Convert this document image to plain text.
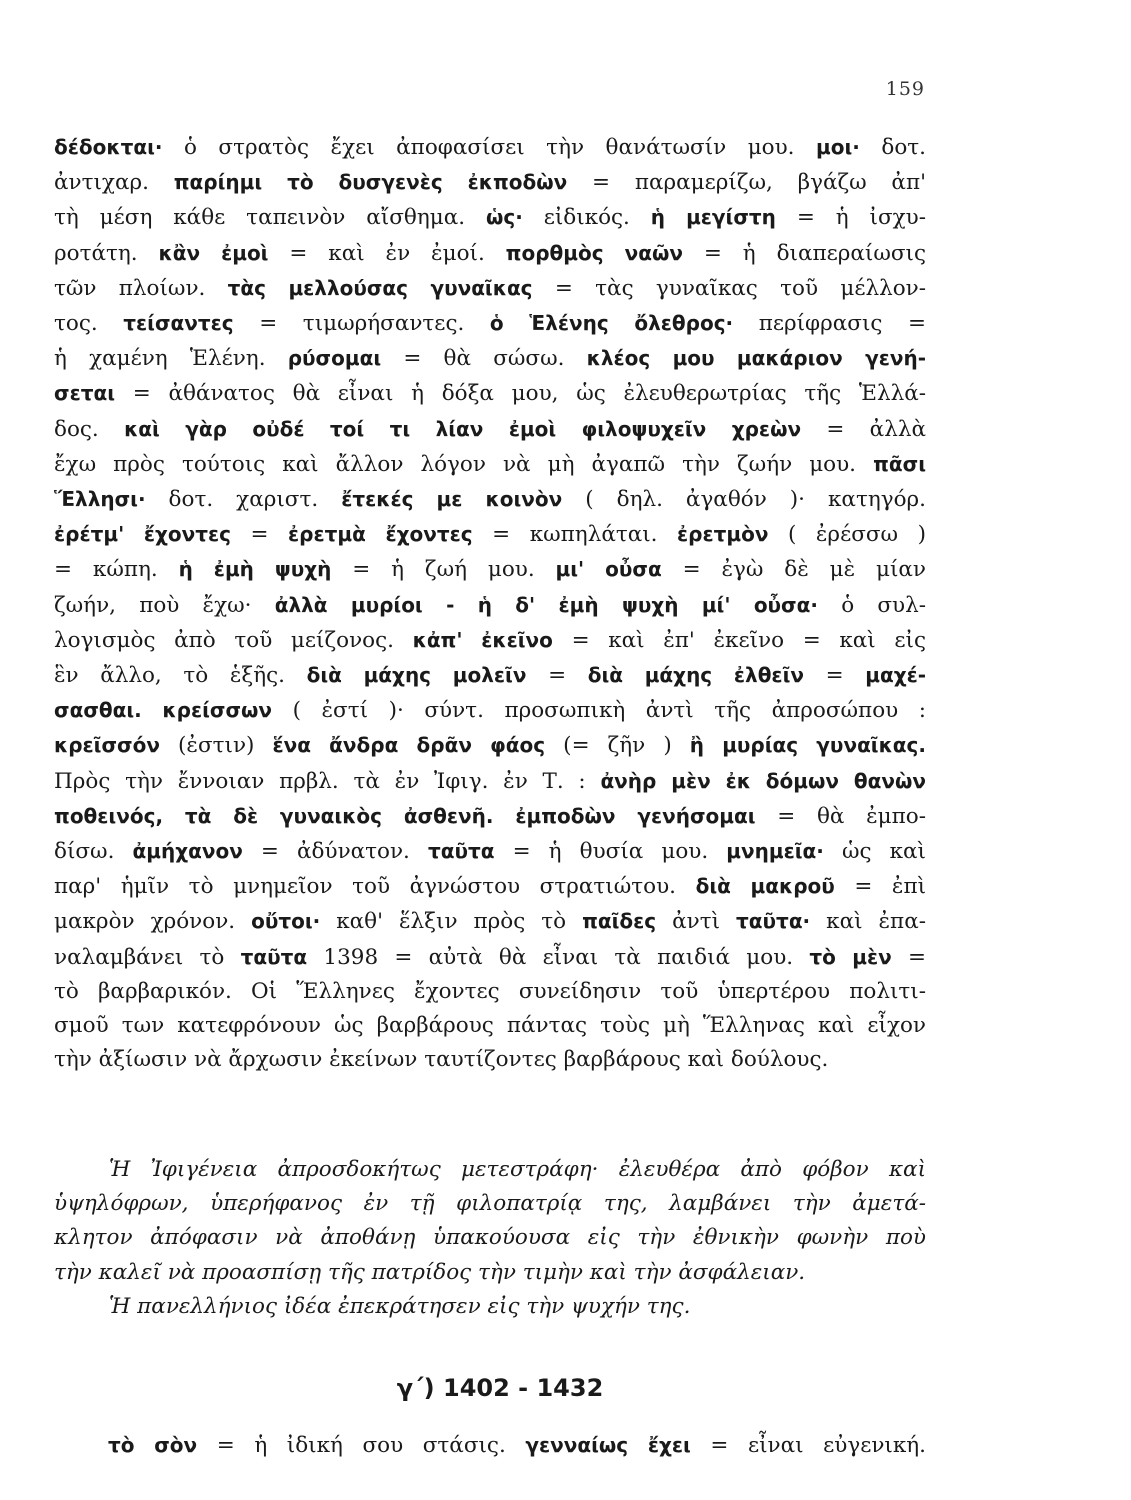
159
δέδοκται· ὁ στρατὸς ἔχει ἀποφασίσει τὴν θανάτωσίν μου. μοι· δοτ.
ἀντιχαρ. παρίημι τὸ δυσγενὲς ἐκποδὼν = παραμερίζω, βγάζω ἀπ'
τὴ μέση κάθε ταπεινὸν αἴσθημα. ὡς· εἰδικός. ἡ μεγίστη = ἡ ἰσχυ-
ροτάτη. κἂν ἐμοὶ = καὶ ἐν ἐμοί. πορθμὸς ναῶν = ἡ διαπεραίωσις
τῶν πλοίων. τὰς μελλούσας γυναῖκας = τὰς γυναῖκας τοῦ μέλλον-
τος. τείσαντες = τιμωρήσαντες. ὁ Ἑλένης ὄλεθρος· περίφρασις =
ἡ χαμένη Ἑλένη. ρύσομαι = θὰ σώσω. κλέος μου μακάριον γενή-
σεται = ἀθάνατος θὰ εἶναι ἡ δόξα μου, ὡς ἐλευθερωτρίας τῆς Ἑλλά-
δος. καὶ γὰρ οὐδέ τοί τι λίαν ἐμοὶ φιλοψυχεῖν χρεὼν = ἀλλὰ
ἔχω πρὸς τούτοις καὶ ἄλλον λόγον νὰ μὴ ἀγαπῶ τὴν ζωήν μου. πᾶσι
Ἕλλησι· δοτ. χαριστ. ἔτεκές με κοινὸν ( δηλ. ἀγαθόν )· κατηγόρ.
ἐρέτμ' ἔχοντες = ἐρετμὰ ἔχοντες = κωπηλάται. ἐρετμὸν ( ἐρέσσω )
= κώπη. ἡ ἐμὴ ψυχὴ = ἡ ζωή μου. μι' οὖσα = ἐγὼ δὲ μὲ μίαν
ζωήν, ποὺ ἔχω· ἀλλὰ μυρίοι - ἡ δ' ἐμὴ ψυχὴ μί' οὖσα· ὁ συλ-
λογισμὸς ἀπὸ τοῦ μείζονος. κἀπ' ἐκεῖνο = καὶ ἐπ' ἐκεῖνο = καὶ εἰς
ἓν ἄλλο, τὸ ἑξῆς. διὰ μάχης μολεῖν = διὰ μάχης ἐλθεῖν = μαχέ-
σασθαι. κρείσσων ( ἐστί )· σύντ. προσωπικὴ ἀντὶ τῆς ἀπροσώπου :
κρεῖσσόν (ἐστιν) ἕνα ἄνδρα δρᾶν φάος (= ζῆν ) ἢ μυρίας γυναῖκας.
Πρὸς τὴν ἔννοιαν πρβλ. τὰ ἐν Ἰφιγ. ἐν Τ. : ἀνὴρ μὲν ἐκ δόμων θανὼν
ποθεινός, τὰ δὲ γυναικὸς ἀσθενῆ. ἐμποδὼν γενήσομαι = θὰ ἐμπο-
δίσω. ἀμήχανον = ἀδύνατον. ταῦτα = ἡ θυσία μου. μνημεῖα· ὡς καὶ
παρ' ἡμῖν τὸ μνημεῖον τοῦ ἀγνώστου στρατιώτου. διὰ μακροῦ = ἐπὶ
μακρὸν χρόνον. οὔτοι· καθ' ἕλξιν πρὸς τὸ παῖδες ἀντὶ ταῦτα· καὶ ἐπα-
ναλαμβάνει τὸ ταῦτα 1398 = αὐτὰ θὰ εἶναι τὰ παιδιά μου. τὸ μὲν =
τὸ βαρβαρικόν. Οἱ Ἕλληνες ἔχοντες συνείδησιν τοῦ ὑπερτέρου πολιτι-
σμοῦ των κατεφρόνουν ὡς βαρβάρους πάντας τοὺς μὴ Ἕλληνας καὶ εἶχον
τὴν ἀξίωσιν νὰ ἄρχωσιν ἐκείνων ταυτίζοντες βαρβάρους καὶ δούλους.
Ἡ Ἰφιγένεια ἀπροσδοκήτως μετεστράφη· ἐλευθέρα ἀπὸ φόβον καὶ
ὑψηλόφρων, ὑπερήφανος ἐν τῇ φιλοπατρίᾳ της, λαμβάνει τὴν ἀμετά-
κλητον ἀπόφασιν νὰ ἀποθάνῃ ὑπακούουσα εἰς τὴν ἐθνικὴν φωνὴν ποὺ
τὴν καλεῖ νὰ προασπίσῃ τῆς πατρίδος τὴν τιμὴν καὶ τὴν ἀσφάλειαν.
Ἡ πανελλήνιος ἰδέα ἐπεκράτησεν εἰς τὴν ψυχήν της.
γ΄) 1402 - 1432
τὸ σὸν = ἡ ἰδική σου στάσις. γενναίως ἔχει = εἶναι εὐγενική.
